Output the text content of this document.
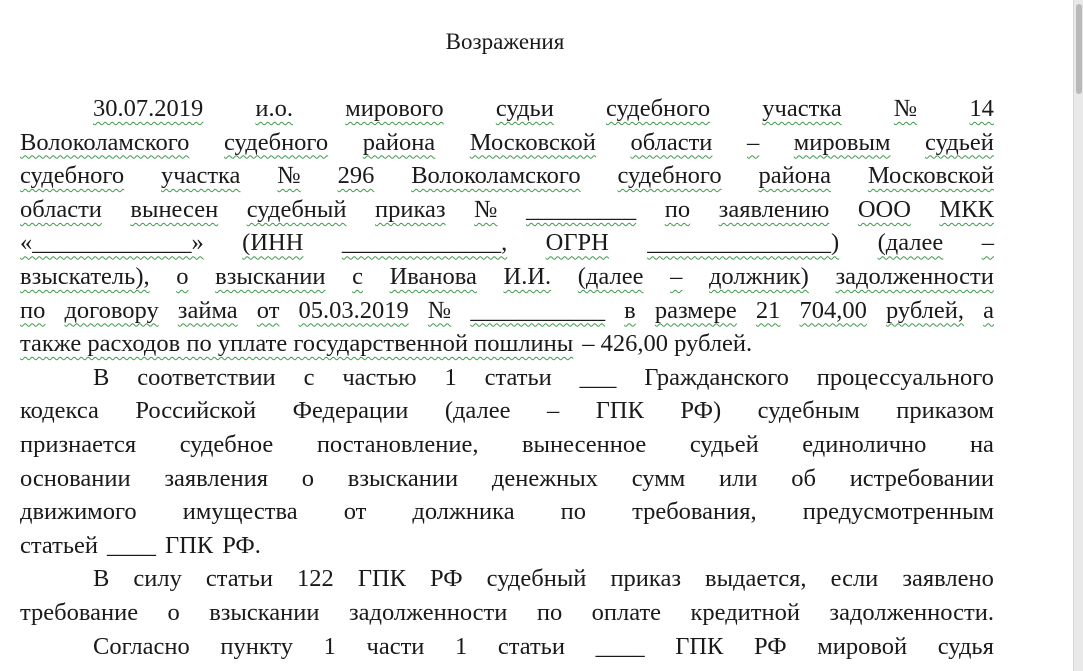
Возражения
30.07.2019 и.о. мирового судьи судебного участка № 14
Волоколамского судебного района Московской области – мировым судьей
судебного участка № 296 Волоколамского судебного района Московской
области вынесен судебный приказ № _________ по заявлению ООО МКК
«_____________» (ИНН _____________, ОГРН _______________) (далее –
взыскатель), о взыскании с Иванова И.И. (далее – должник) задолженности
по договору займа от 05.03.2019 № ___________ в размере 21 704,00 рублей, а
также расходов по уплате государственной пошлины – 426,00 рублей.
В соответствии с частью 1 статьи ___ Гражданского процессуального
кодекса Российской Федерации (далее – ГПК РФ) судебным приказом
признается судебное постановление, вынесенное судьей единолично на
основании заявления о взыскании денежных сумм или об истребовании
движимого имущества от должника по требования, предусмотренным
статьей ____ ГПК РФ.
В силу статьи 122 ГПК РФ судебный приказ выдается, если заявлено
требование о взыскании задолженности по оплате кредитной задолженности.
Согласно пункту 1 части 1 статьи ____ ГПК РФ мировой судья
